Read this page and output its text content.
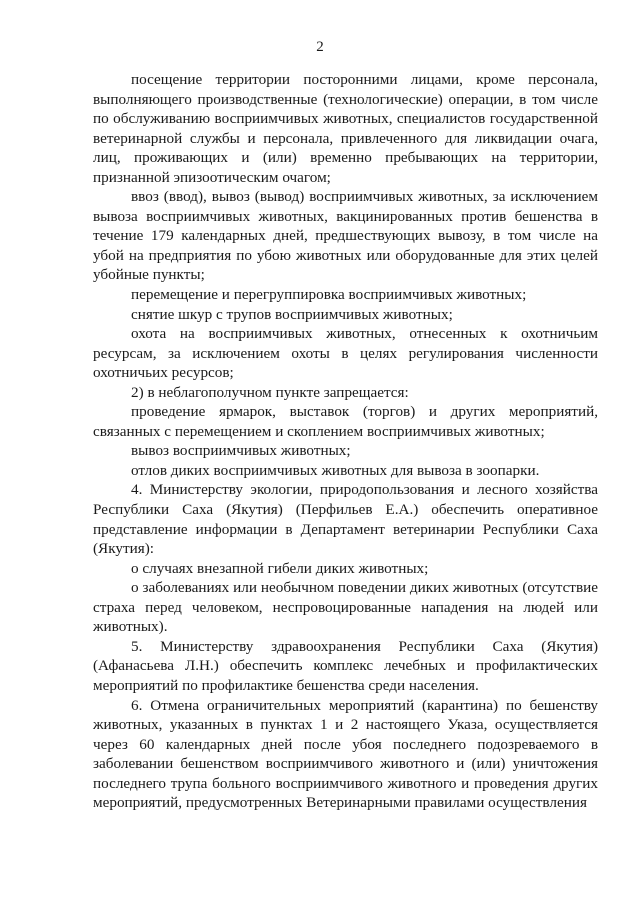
2

посещение территории посторонними лицами, кроме персонала, выполняющего производственные (технологические) операции, в том числе по обслуживанию восприимчивых животных, специалистов государственной ветеринарной службы и персонала, привлеченного для ликвидации очага, лиц, проживающих и (или) временно пребывающих на территории, признанной эпизоотическим очагом;

ввоз (ввод), вывоз (вывод) восприимчивых животных, за исключением вывоза восприимчивых животных, вакцинированных против бешенства в течение 179 календарных дней, предшествующих вывозу, в том числе на убой на предприятия по убою животных или оборудованные для этих целей убойные пункты;

перемещение и перегруппировка восприимчивых животных;

снятие шкур с трупов восприимчивых животных;

охота на восприимчивых животных, отнесенных к охотничьим ресурсам, за исключением охоты в целях регулирования численности охотничьих ресурсов;

2) в неблагополучном пункте запрещается:

проведение ярмарок, выставок (торгов) и других мероприятий, связанных с перемещением и скоплением восприимчивых животных;

вывоз восприимчивых животных;

отлов диких восприимчивых животных для вывоза в зоопарки.

4. Министерству экологии, природопользования и лесного хозяйства Республики Саха (Якутия) (Перфильев Е.А.) обеспечить оперативное представление информации в Департамент ветеринарии Республики Саха (Якутия):

о случаях внезапной гибели диких животных;

о заболеваниях или необычном поведении диких животных (отсутствие страха перед человеком, неспровоцированные нападения на людей или животных).

5. Министерству здравоохранения Республики Саха (Якутия) (Афанасьева Л.Н.) обеспечить комплекс лечебных и профилактических мероприятий по профилактике бешенства среди населения.

6. Отмена ограничительных мероприятий (карантина) по бешенству животных, указанных в пунктах 1 и 2 настоящего Указа, осуществляется через 60 календарных дней после убоя последнего подозреваемого в заболевании бешенством восприимчивого животного и (или) уничтожения последнего трупа больного восприимчивого животного и проведения других мероприятий, предусмотренных Ветеринарными правилами осуществления
